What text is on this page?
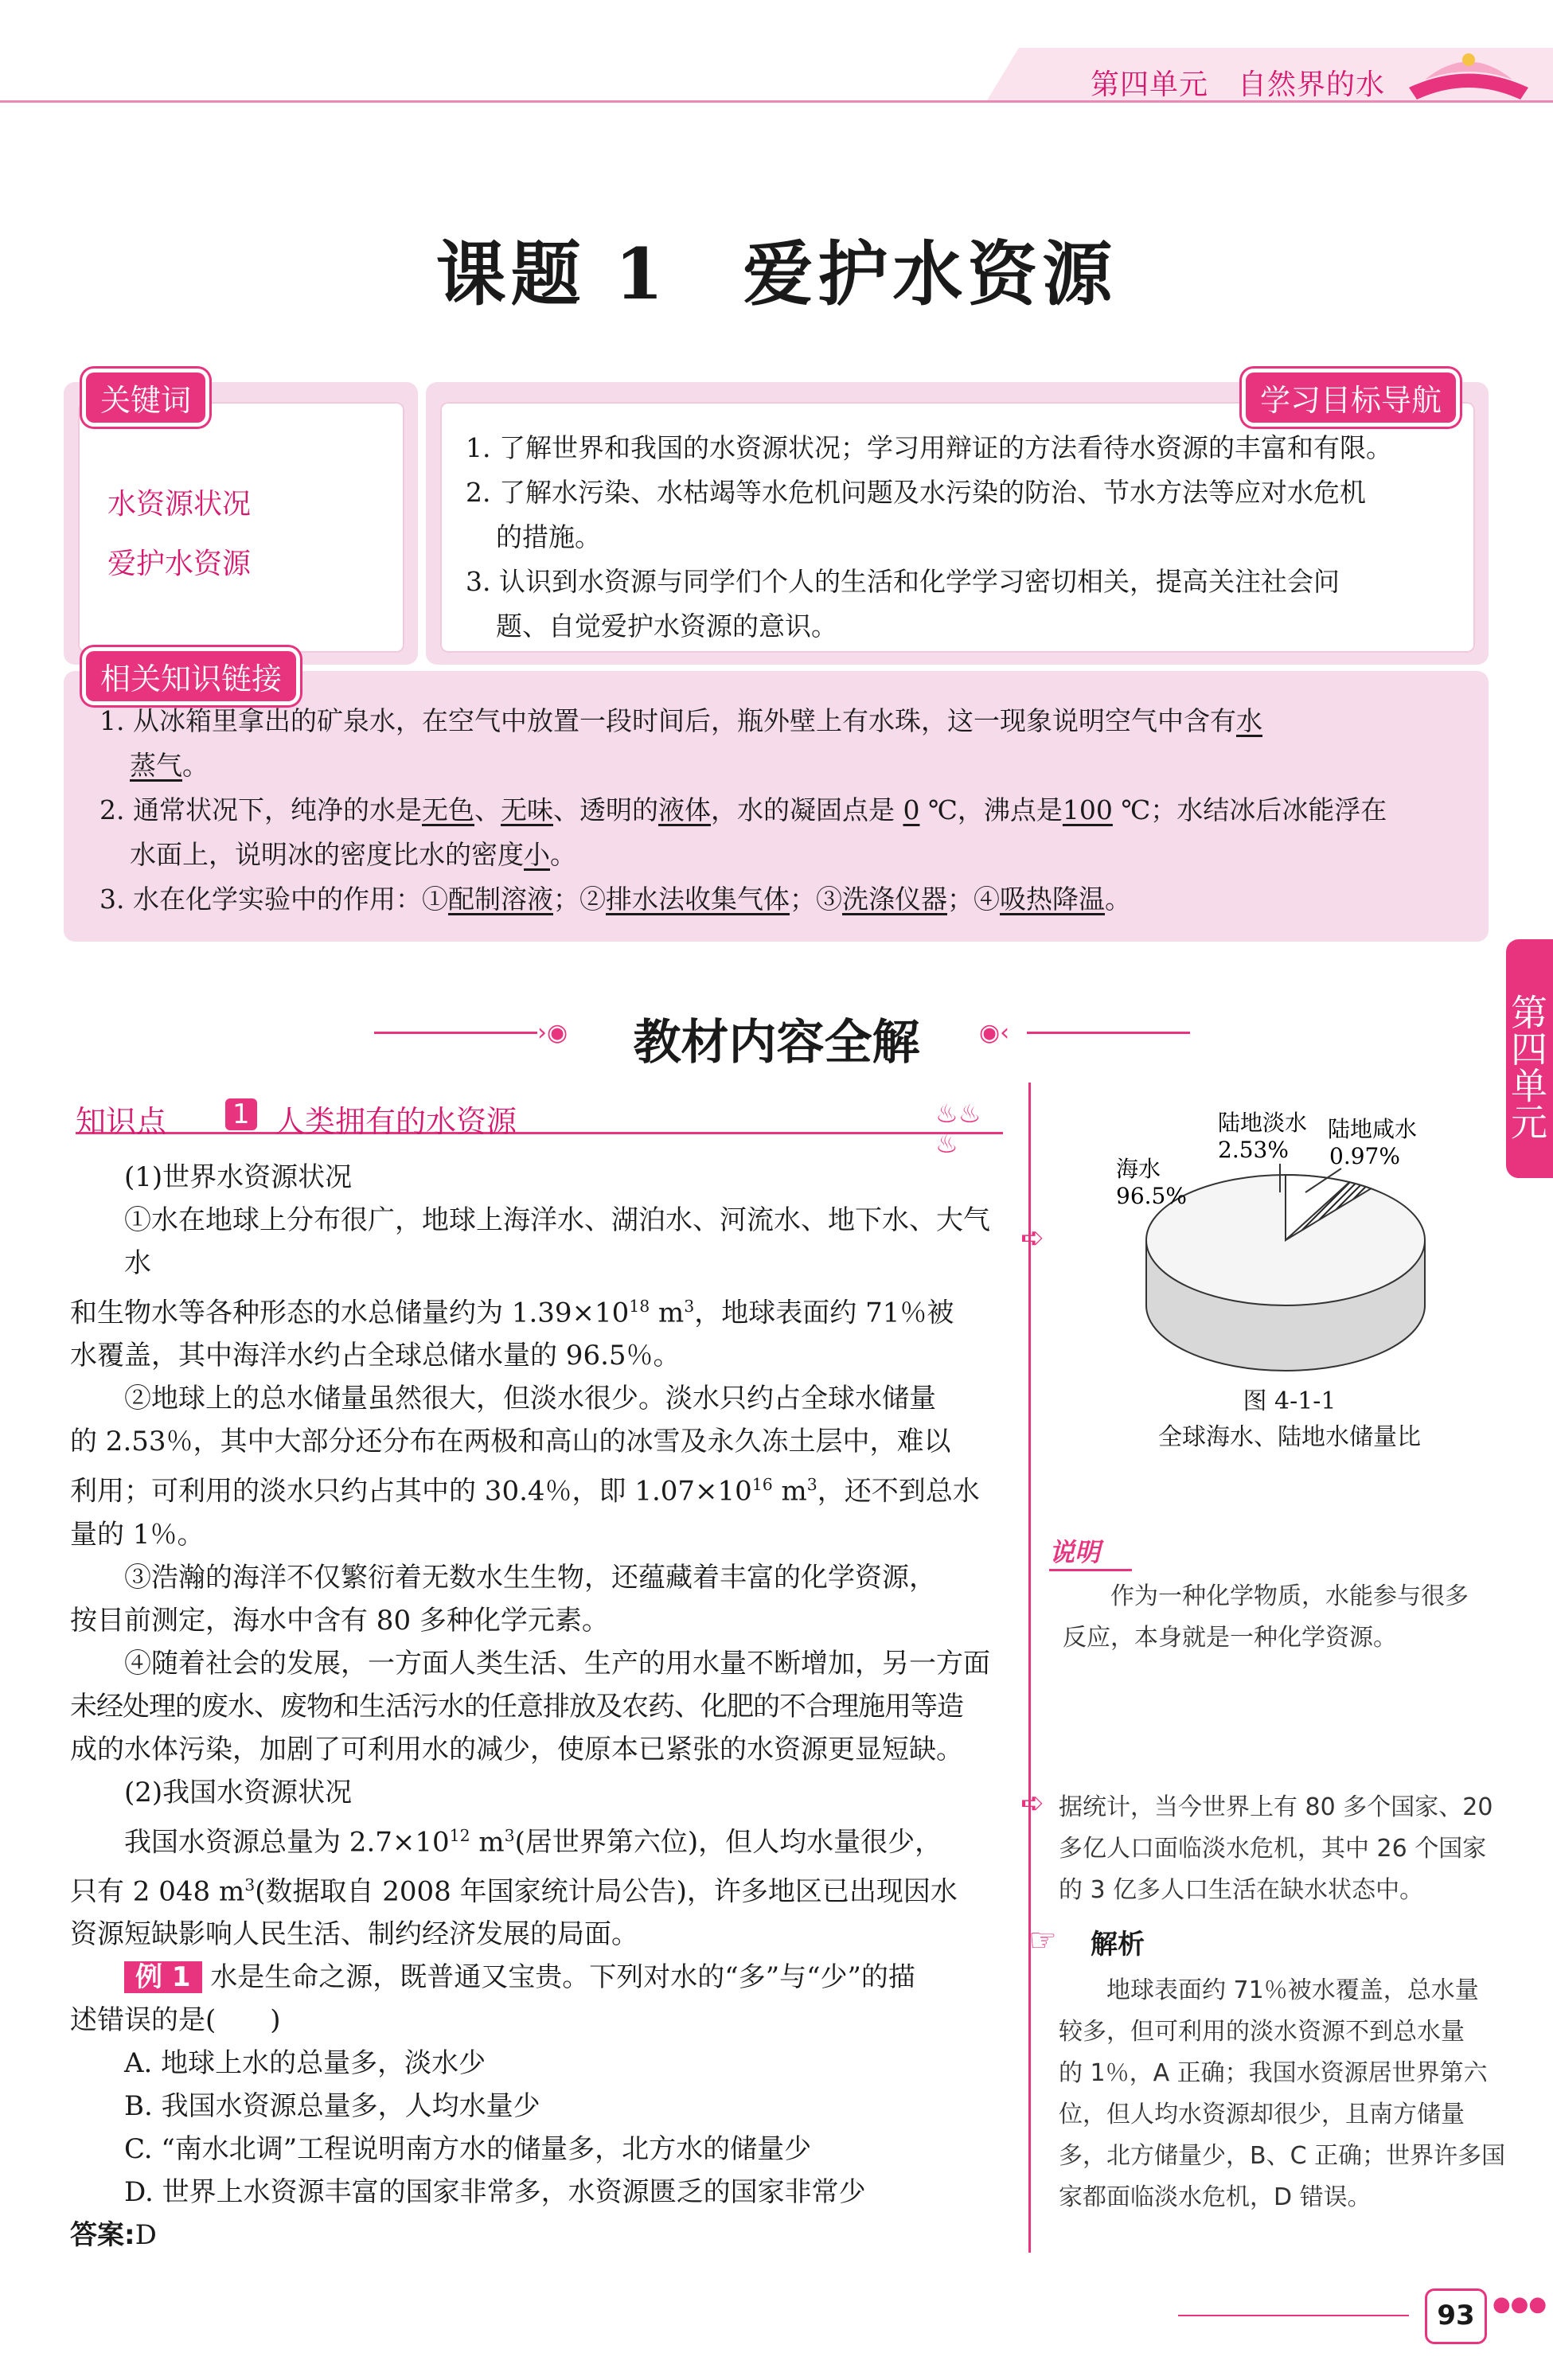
第四单元　自然界的水
课题 1　爱护水资源
关键词
水资源状况
爱护水资源
学习目标导航
1. 了解世界和我国的水资源状况；学习用辩证的方法看待水资源的丰富和有限。
2. 了解水污染、水枯竭等水危机问题及水污染的防治、节水方法等应对水危机
的措施。
3. 认识到水资源与同学们个人的生活和化学学习密切相关，提高关注社会问
题、自觉爱护水资源的意识。
相关知识链接
1. 从冰箱里拿出的矿泉水，在空气中放置一段时间后，瓶外壁上有水珠，这一现象说明空气中含有水
蒸气。
2. 通常状况下，纯净的水是无色、无味、透明的液体，水的凝固点是 0 ℃，沸点是100 ℃；水结冰后冰能浮在
水面上，说明冰的密度比水的密度小。
3. 水在化学实验中的作用：①配制溶液；②排水法收集气体；③洗涤仪器；④吸热降温。
第四单元
›◉	教材内容全解	◉‹
知识点 1 人类拥有的水资源	♨♨♨
(1)世界水资源状况
①水在地球上分布很广，地球上海洋水、湖泊水、河流水、地下水、大气水
和生物水等各种形态的水总储量约为 $1.39\times 10^{18}$ $m^3$，地球表面约 71％被
水覆盖，其中海洋水约占全球总储水量的 96.5％。
②地球上的总水储量虽然很大，但淡水很少。淡水只约占全球水储量
的 2.53％，其中大部分还分布在两极和高山的冰雪及永久冻土层中，难以
利用；可利用的淡水只约占其中的 30.4％，即 $1.07\times 10^{16}$ $m^3$，还不到总水
量的 1％。
③浩瀚的海洋不仅繁衍着无数水生生物，还蕴藏着丰富的化学资源，
按目前测定，海水中含有 80 多种化学元素。
④随着社会的发展，一方面人类生活、生产的用水量不断增加，另一方面
未经处理的废水、废物和生活污水的任意排放及农药、化肥的不合理施用等造
成的水体污染，加剧了可利用水的减少，使原本已紧张的水资源更显短缺。
(2)我国水资源状况
我国水资源总量为 $2.7\times 10^{12}$ $m^3$(居世界第六位)，但人均水量很少，
只有 2 048 $m^3$(数据取自 2008 年国家统计局公告)，许多地区已出现因水
资源短缺影响人民生活、制约经济发展的局面。
例 1 水是生命之源，既普通又宝贵。下列对水的“多”与“少”的描
述错误的是(　　)
A. 地球上水的总量多，淡水少
B. 我国水资源总量多，人均水量少
C. “南水北调”工程说明南方水的储量多，北方水的储量少
D. 世界上水资源丰富的国家非常多，水资源匮乏的国家非常少
答案:D
➪
➪
海水
96.5%
陆地淡水
2.53%
陆地咸水
0.97%
图 4-1-1
全球海水、陆地水储量比
说明
作为一种化学物质，水能参与很多
反应，本身就是一种化学资源。
据统计，当今世界上有 80 多个国家、20
多亿人口面临淡水危机，其中 26 个国家
的 3 亿多人口生活在缺水状态中。
☞ 解析
地球表面约 71％被水覆盖，总水量
较多，但可利用的淡水资源不到总水量
的 1％，A 正确；我国水资源居世界第六
位，但人均水资源却很少，且南方储量
多，北方储量少，B、C 正确；世界许多国
家都面临淡水危机，D 错误。
93 ●●●
